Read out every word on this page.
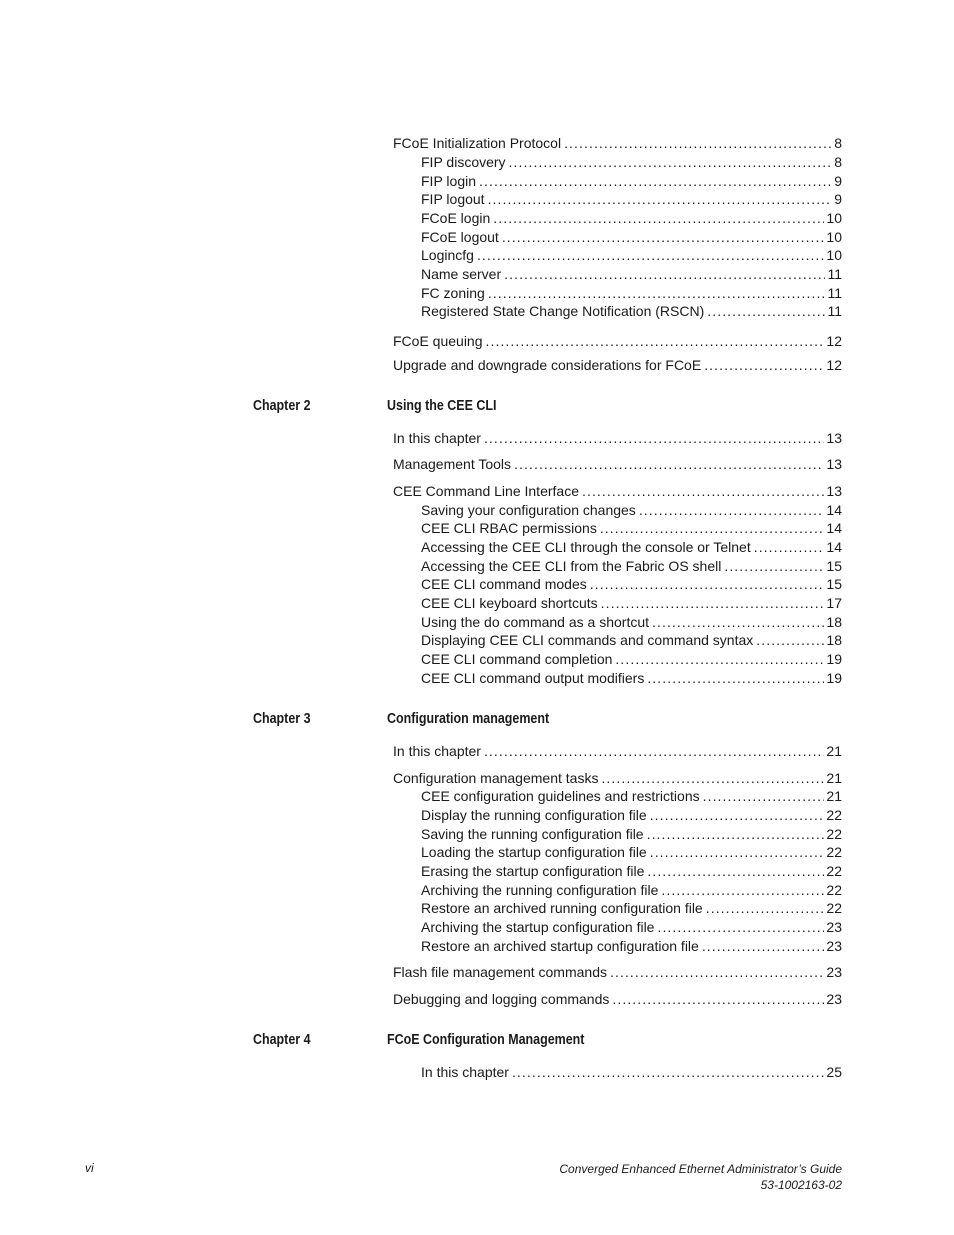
FCoE Initialization Protocol . . .	8
FIP discovery . . .	8
FIP login . . .	9
FIP logout . . .	9
FCoE login . . .	10
FCoE logout . . .	10
Logincfg . . .	10
Name server . . .	11
FC zoning . . .	11
Registered State Change Notification (RSCN) . . .	11
FCoE queuing . . .	12
Upgrade and downgrade considerations for FCoE . . .	12
Chapter 2	Using the CEE CLI
In this chapter . . .	13
Management Tools . . .	13
CEE Command Line Interface . . .	13
Saving your configuration changes . . .	14
CEE CLI RBAC permissions . . .	14
Accessing the CEE CLI through the console or Telnet . . .	14
Accessing the CEE CLI from the Fabric OS shell . . .	15
CEE CLI command modes . . .	15
CEE CLI keyboard shortcuts . . .	17
Using the do command as a shortcut . . .	18
Displaying CEE CLI commands and command syntax . . .	18
CEE CLI command completion . . .	19
CEE CLI command output modifiers . . .	19
Chapter 3	Configuration management
In this chapter . . .	21
Configuration management tasks . . .	21
CEE configuration guidelines and restrictions . . .	21
Display the running configuration file . . .	22
Saving the running configuration file . . .	22
Loading the startup configuration file . . .	22
Erasing the startup configuration file . . .	22
Archiving the running configuration file . . .	22
Restore an archived running configuration file . . .	22
Archiving the startup configuration file . . .	23
Restore an archived startup configuration file . . .	23
Flash file management commands . . .	23
Debugging and logging commands . . .	23
Chapter 4	FCoE Configuration Management
In this chapter . . .	25
vi	Converged Enhanced Ethernet Administrator’s Guide
53-1002163-02
